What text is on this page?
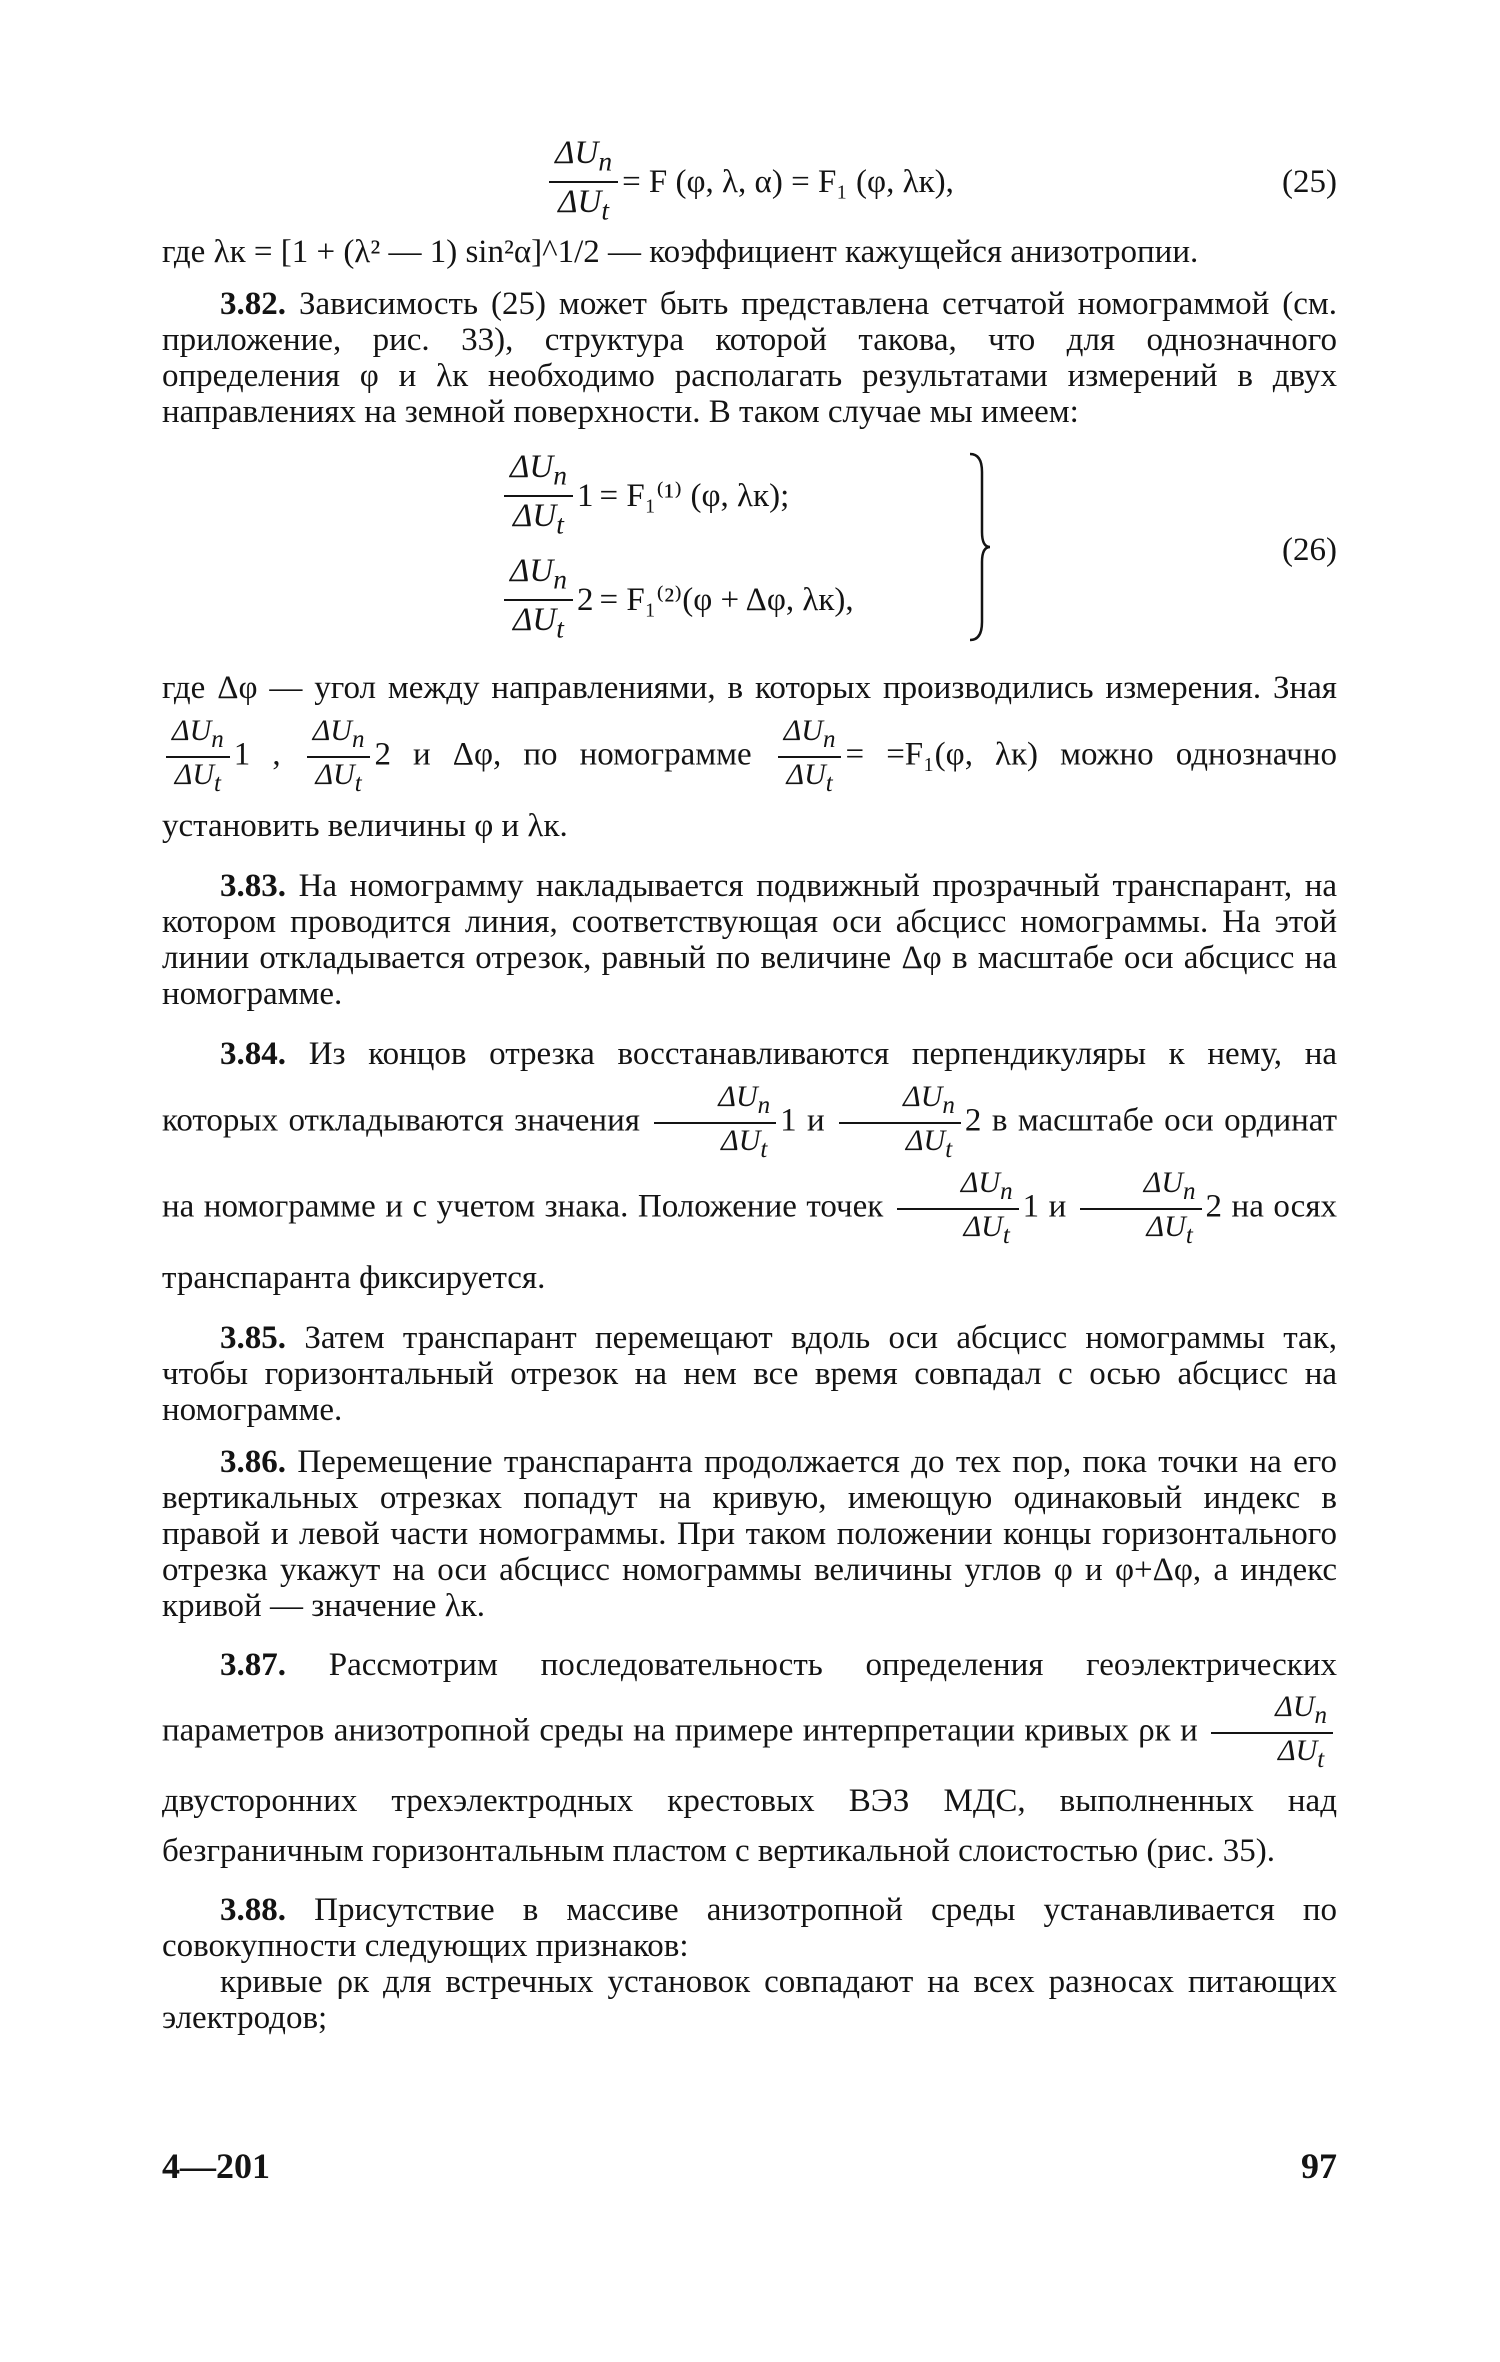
$\frac{\Delta U_n}{\Delta U_t} = F$ (φ, λ, α) = F₁ (φ, λк),	(25)

где λк = [1 + (λ² — 1) sin²α]^1/2 — коэффициент кажущейся анизотропии.

3.82. Зависимость (25) может быть представлена сетчатой номограммой (см. приложение, рис. 33), структура которой такова, что для однозначного определения φ и λк необходимо располагать результатами измерений в двух направлениях на земной поверхности. В таком случае мы имеем:

$\frac{\Delta U_n}{\Delta U_t} 1 = F_1^{(1)}$ (φ, λк);
$\frac{\Delta U_n}{\Delta U_t} 2 = F_1^{(2)}(\varphi + \Delta\varphi$, λк),
(26)

где Δφ — угол между направлениями, в которых производились измерения. Зная
$\frac{\Delta U_n}{\Delta U_t} 1$ , $\frac{\Delta U_n}{\Delta U_t} 2$ и Δφ, по номограмме $\frac{\Delta U_n}{\Delta U_t} = =F_1(\varphi$, λк) можно однозначно установить величины φ и λк.

3.83. На номограмму накладывается подвижный прозрачный транспарант, на котором проводится линия, соответствующая оси абсцисс номограммы. На этой линии откладывается отрезок, равный по величине Δφ в масштабе оси абсцисс на номограмме.

3.84. Из концов отрезка восстанавливаются перпендикуляры к нему, на которых откладываются значения $\frac{\Delta U_n}{\Delta U_t} 1$ и $\frac{\Delta U_n}{\Delta U_t} 2$ в масштабе оси ординат на номограмме и с учетом знака. Положение точек $\frac{\Delta U_n}{\Delta U_t} 1$ и $\frac{\Delta U_n}{\Delta U_t} 2$ на осях транспаранта фиксируется.

3.85. Затем транспарант перемещают вдоль оси абсцисс номограммы так, чтобы горизонтальный отрезок на нем все время совпадал с осью абсцисс на номограмме.

3.86. Перемещение транспаранта продолжается до тех пор, пока точки на его вертикальных отрезках попадут на кривую, имеющую одинаковый индекс в правой и левой части номограммы. При таком положении концы горизонтального отрезка укажут на оси абсцисс номограммы величины углов φ и φ+Δφ, а индекс кривой — значение λк.

3.87. Рассмотрим последовательность определения геоэлектрических параметров анизотропной среды на примере интерпретации кривых ρк и $\frac{\Delta U_n}{\Delta U_t}$
двусторонних трехэлектродных крестовых ВЭЗ МДС, выполненных над безграничным горизонтальным пластом с вертикальной слоистостью (рис. 35).

3.88. Присутствие в массиве анизотропной среды устанавливается по совокупности следующих признаков:

кривые ρк для встречных установок совпадают на всех разносах питающих электродов;

4—201	97
